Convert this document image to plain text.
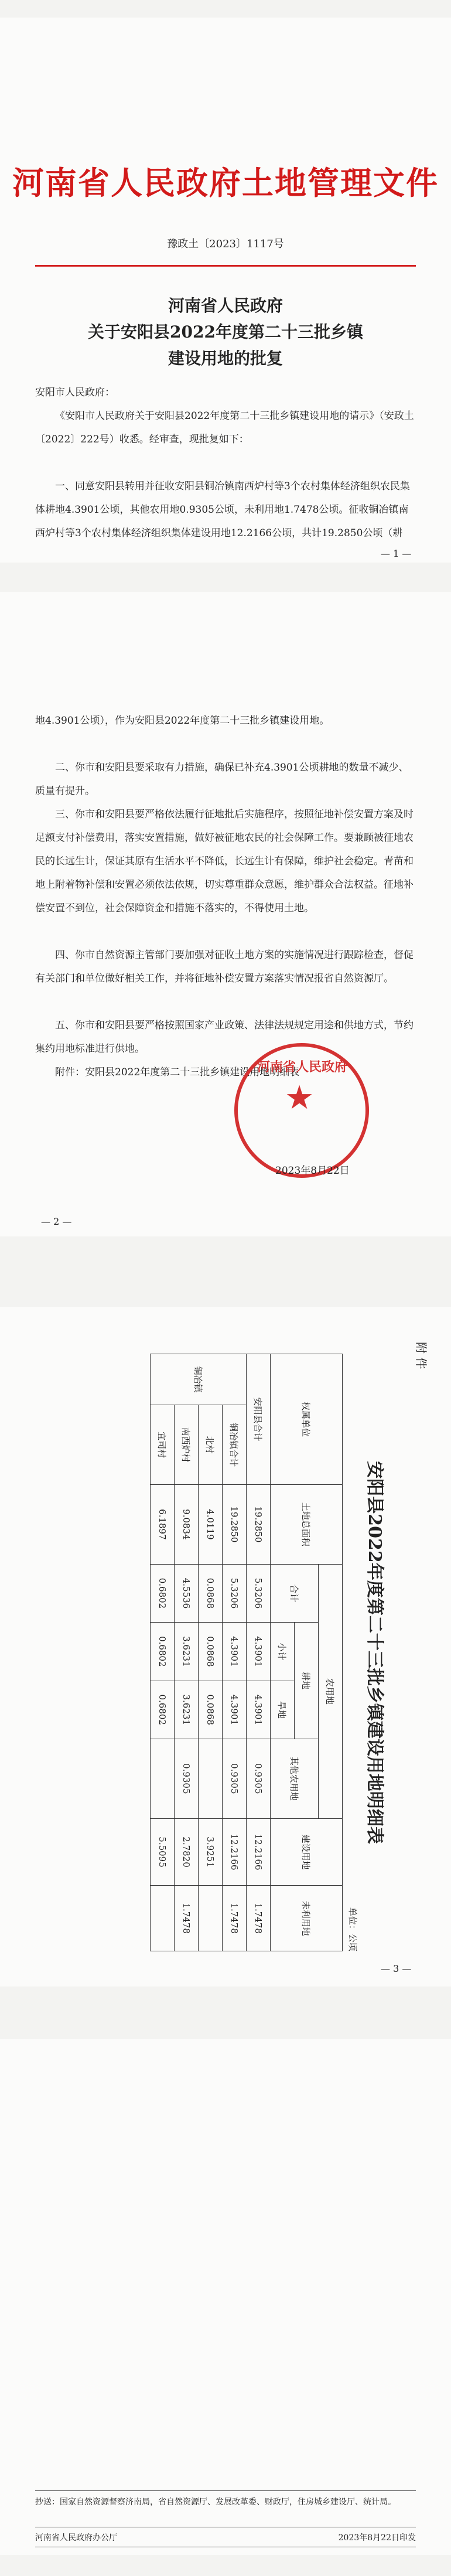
河南省人民政府土地管理文件
豫政土〔2023〕1117号
河南省人民政府
关于安阳县2022年度第二十三批乡镇
建设用地的批复
安阳市人民政府：
《安阳市人民政府关于安阳县2022年度第二十三批乡镇建设用地的请示》（安政土〔2022〕222号）收悉。经审查，现批复如下：
一、同意安阳县转用并征收安阳县铜冶镇南西炉村等3个农村集体经济组织农民集体耕地4.3901公顷，其他农用地0.9305公顷，未利用地1.7478公顷。征收铜冶镇南西炉村等3个农村集体经济组织集体建设用地12.2166公顷，共计19.2850公顷（耕
— 1 —
地4.3901公顷），作为安阳县2022年度第二十三批乡镇建设用地。
二、你市和安阳县要采取有力措施，确保已补充4.3901公顷耕地的数量不减少、质量有提升。
三、你市和安阳县要严格依法履行征地批后实施程序，按照征地补偿安置方案及时足额支付补偿费用，落实安置措施，做好被征地农民的社会保障工作。要兼顾被征地农民的长远生计，保证其原有生活水平不降低，长远生计有保障，维护社会稳定。青苗和地上附着物补偿和安置必须依法依规，切实尊重群众意愿，维护群众合法权益。征地补偿安置不到位，社会保障资金和措施不落实的，不得使用土地。
四、你市自然资源主管部门要加强对征收土地方案的实施情况进行跟踪检查，督促有关部门和单位做好相关工作，并将征地补偿安置方案落实情况报省自然资源厅。
五、你市和安阳县要严格按照国家产业政策、法律法规规定用途和供地方式，节约集约用地标准进行供地。
附件：安阳县2022年度第二十三批乡镇建设用地明细表
河南省人民政府
★
2023年8月22日
— 2 —
附 件
安阳县2022年度第二十三批乡镇建设用地明细表
单位：公顷
权属单位		土地总面积	农用地				建设用地	未利用地
			合计	耕地		其他农用地		
				小计	旱地			

安阳县合计		19.2850	5.3206	4.3901	4.3901	0.9305	12.2166	1.7478
铜冶镇	铜冶镇合计	19.2850	5.3206	4.3901	4.3901	0.9305	12.2166	1.7478
	北村	4.0119	0.0868	0.0868	0.0868		3.9251	
	南西炉村	9.0834	4.5536	3.6231	3.6231	0.9305	2.7820	1.7478
	宜司村	6.1897	0.6802	0.6802	0.6802		5.5095	
— 3 —
抄送：国家自然资源督察济南局，省自然资源厅、发展改革委、财政厅，住房城乡建设厅、统计局。
河南省人民政府办公厅	2023年8月22日印发
